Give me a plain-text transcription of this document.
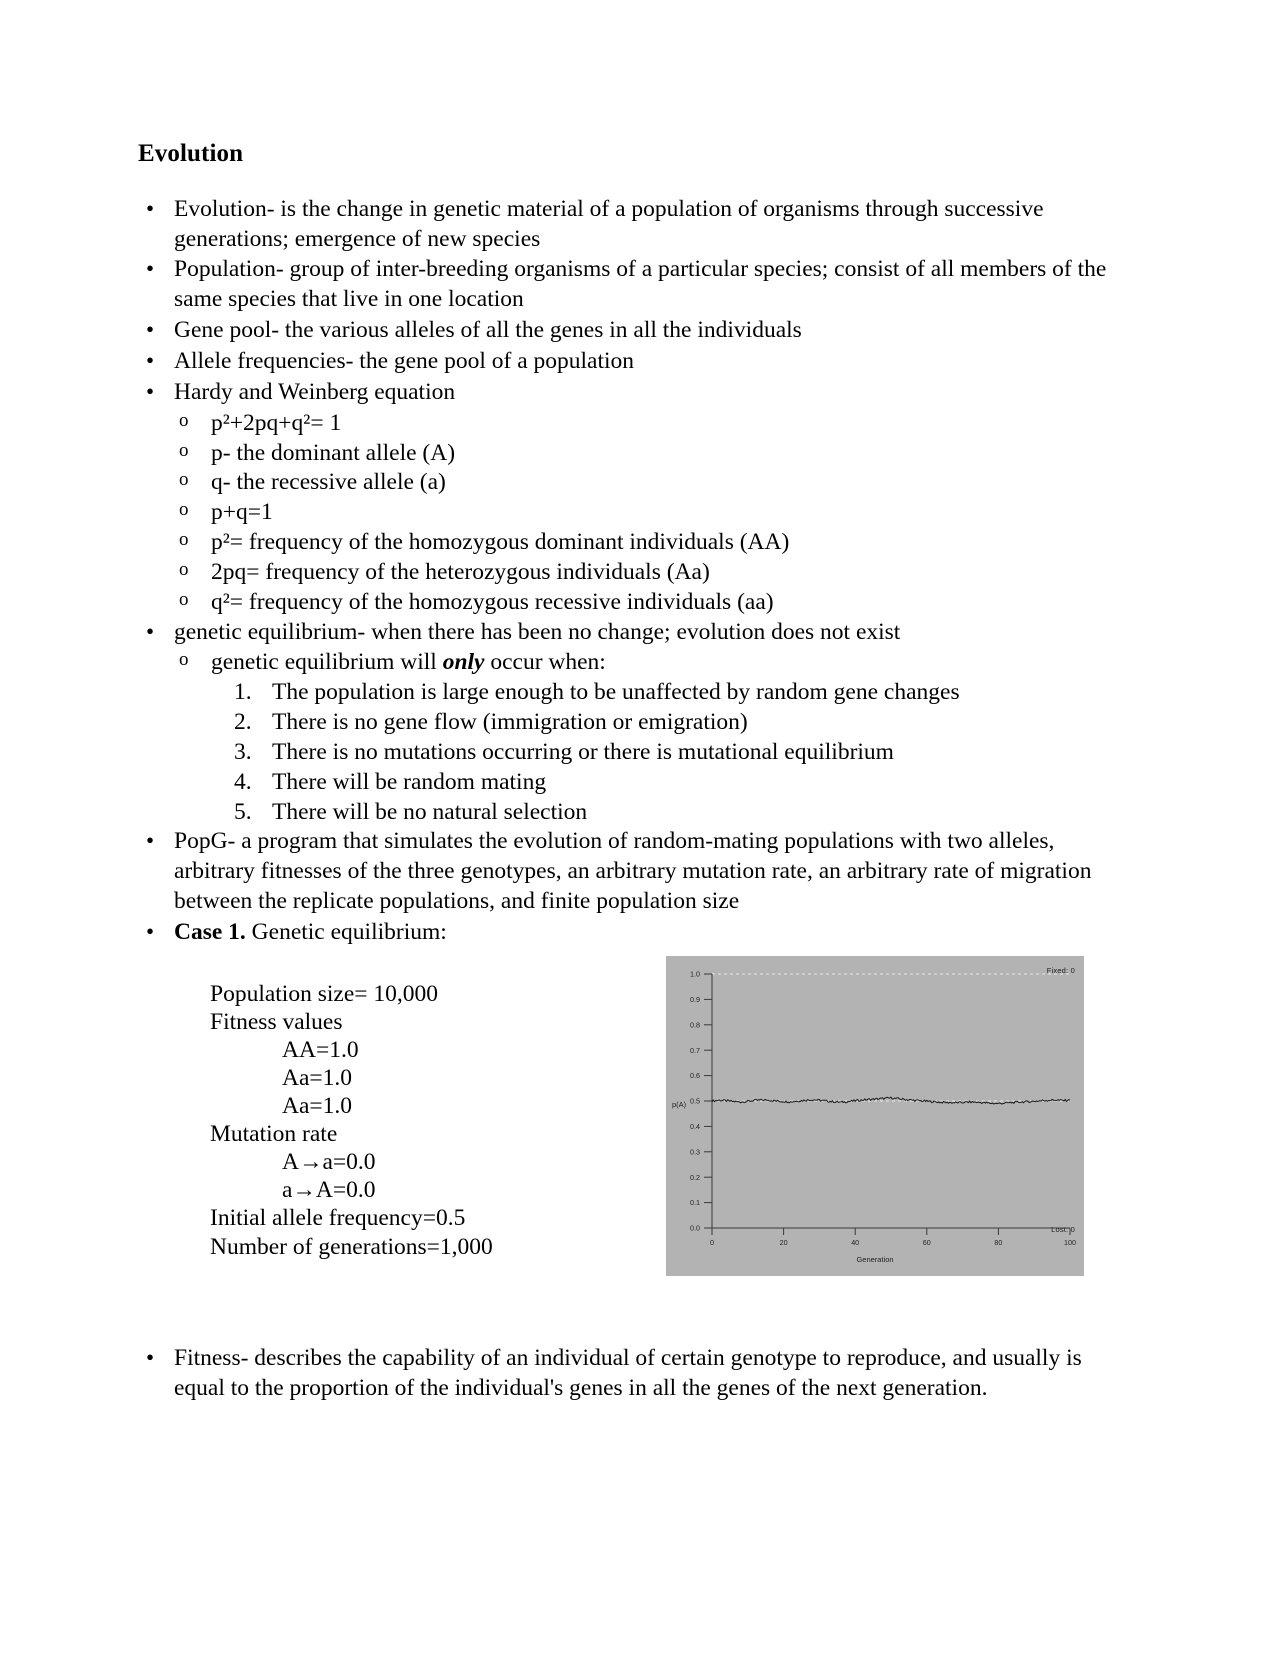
Evolution
• Evolution- is the change in genetic material of a population of organisms through successive generations; emergence of new species
• Population- group of inter-breeding organisms of a particular species; consist of all members of the same species that live in one location
• Gene pool- the various alleles of all the genes in all the individuals
• Allele frequencies- the gene pool of a population
• Hardy and Weinberg equation
o p²+2pq+q²= 1
o p- the dominant allele (A)
o q- the recessive allele (a)
o p+q=1
o p²= frequency of the homozygous dominant individuals (AA)
o 2pq= frequency of the heterozygous individuals (Aa)
o q²= frequency of the homozygous recessive individuals (aa)
• genetic equilibrium- when there has been no change; evolution does not exist
o genetic equilibrium will only occur when:
The population is large enough to be unaffected by random gene changes
There is no gene flow (immigration or emigration)
There is no mutations occurring or there is mutational equilibrium
There will be random mating
There will be no natural selection
• PopG- a program that simulates the evolution of random-mating populations with two alleles, arbitrary fitnesses of the three genotypes, an arbitrary mutation rate, an arbitrary rate of migration between the replicate populations, and finite population size
• Case 1. Genetic equilibrium:
Population size= 10,000
Fitness values
AA=1.0
Aa=1.0
Aa=1.0
Mutation rate
A→a=0.0
a→A=0.0
Initial allele frequency=0.5
Number of generations=1,000
0.0
0.1
0.2
0.3
0.4
0.5
0.6
0.7
0.8
0.9
1.0
0	20	40	60	80	100
Fixed: 0
Lost: 0
Generation
p(A)
• Fitness- describes the capability of an individual of certain genotype to reproduce, and usually is equal to the proportion of the individual's genes in all the genes of the next generation.
